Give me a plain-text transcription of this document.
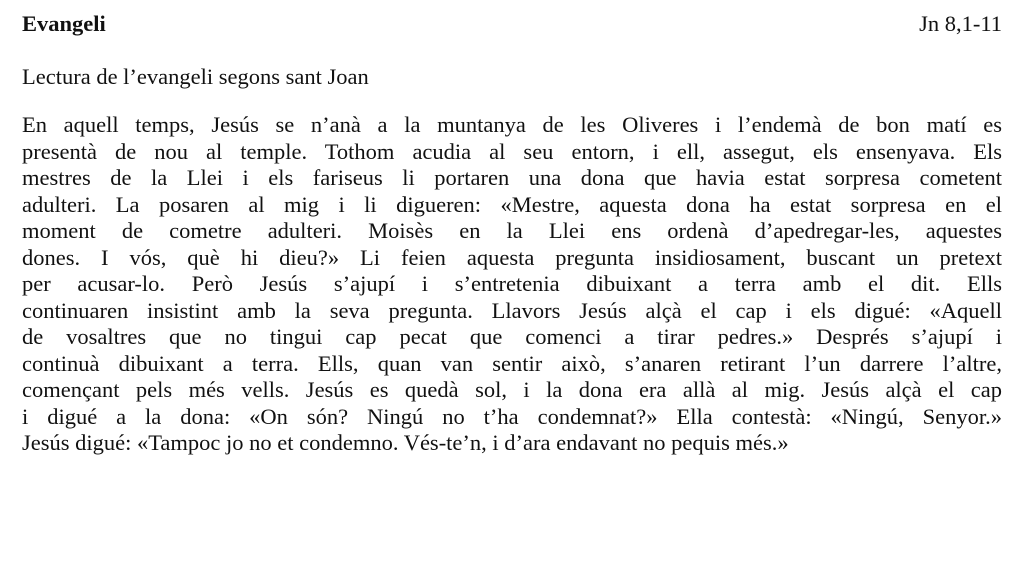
Evangeli	Jn 8,1-11
Lectura de l’evangeli segons sant Joan
En aquell temps, Jesús se n’anà a la muntanya de les Oliveres i l’endemà de bon matí es
presentà de nou al temple. Tothom acudia al seu entorn, i ell, assegut, els ensenyava. Els
mestres de la Llei i els fariseus li portaren una dona que havia estat sorpresa cometent
adulteri. La posaren al mig i li digueren: «Mestre, aquesta dona ha estat sorpresa en el
moment de cometre adulteri. Moisès en la Llei ens ordenà d’apedregar-les, aquestes
dones. I vós, què hi dieu?» Li feien aquesta pregunta insidiosament, buscant un pretext
per acusar-lo. Però Jesús s’ajupí i s’entretenia dibuixant a terra amb el dit. Ells
continuaren insistint amb la seva pregunta. Llavors Jesús alçà el cap i els digué: «Aquell
de vosaltres que no tingui cap pecat que comenci a tirar pedres.» Després s’ajupí i
continuà dibuixant a terra. Ells, quan van sentir això, s’anaren retirant l’un darrere l’altre,
començant pels més vells. Jesús es quedà sol, i la dona era allà al mig. Jesús alçà el cap
i digué a la dona: «On són? Ningú no t’ha condemnat?» Ella contestà: «Ningú, Senyor.»
Jesús digué: «Tampoc jo no et condemno. Vés-te’n, i d’ara endavant no pequis més.»
